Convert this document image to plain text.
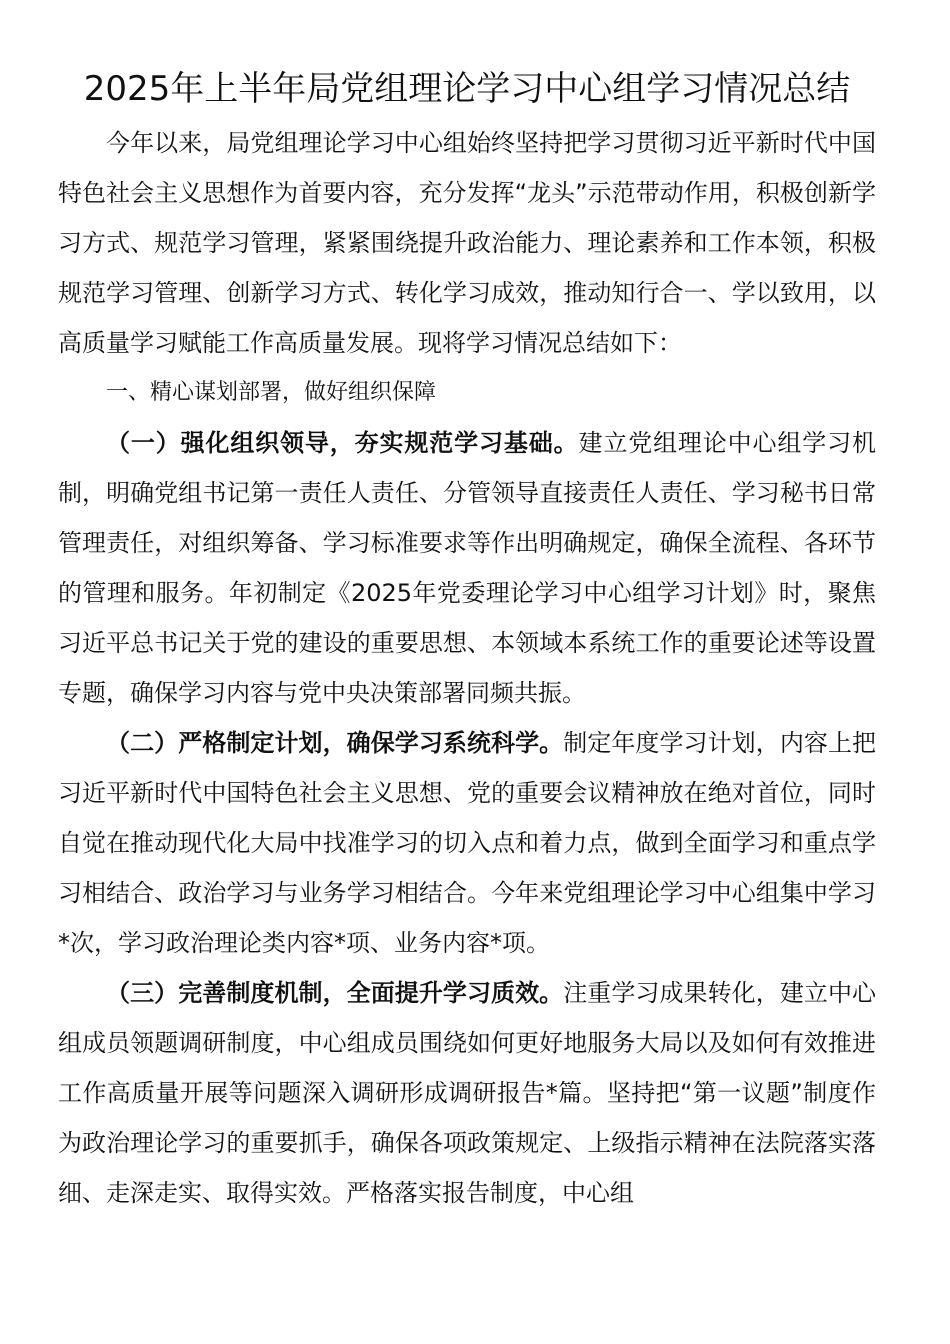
2025年上半年局党组理论学习中心组学习情况总结

今年以来，局党组理论学习中心组始终坚持把学习贯彻习近平新时代中国特色社会主义思想作为首要内容，充分发挥“龙头”示范带动作用，积极创新学习方式、规范学习管理，紧紧围绕提升政治能力、理论素养和工作本领，积极规范学习管理、创新学习方式、转化学习成效，推动知行合一、学以致用，以高质量学习赋能工作高质量发展。现将学习情况总结如下：

一、精心谋划部署，做好组织保障

（一）强化组织领导，夯实规范学习基础。建立党组理论中心组学习机制，明确党组书记第一责任人责任、分管领导直接责任人责任、学习秘书日常管理责任，对组织筹备、学习标准要求等作出明确规定，确保全流程、各环节的管理和服务。年初制定《2025年党委理论学习中心组学习计划》时，聚焦习近平总书记关于党的建设的重要思想、本领域本系统工作的重要论述等设置专题，确保学习内容与党中央决策部署同频共振。

（二）严格制定计划，确保学习系统科学。制定年度学习计划，内容上把习近平新时代中国特色社会主义思想、党的重要会议精神放在绝对首位，同时自觉在推动现代化大局中找准学习的切入点和着力点，做到全面学习和重点学习相结合、政治学习与业务学习相结合。今年来党组理论学习中心组集中学习*次，学习政治理论类内容*项、业务内容*项。

（三）完善制度机制，全面提升学习质效。注重学习成果转化，建立中心组成员领题调研制度，中心组成员围绕如何更好地服务大局以及如何有效推进工作高质量开展等问题深入调研形成调研报告*篇。坚持把“第一议题”制度作为政治理论学习的重要抓手，确保各项政策规定、上级指示精神在法院落实落细、走深走实、取得实效。严格落实报告制度，中心组
